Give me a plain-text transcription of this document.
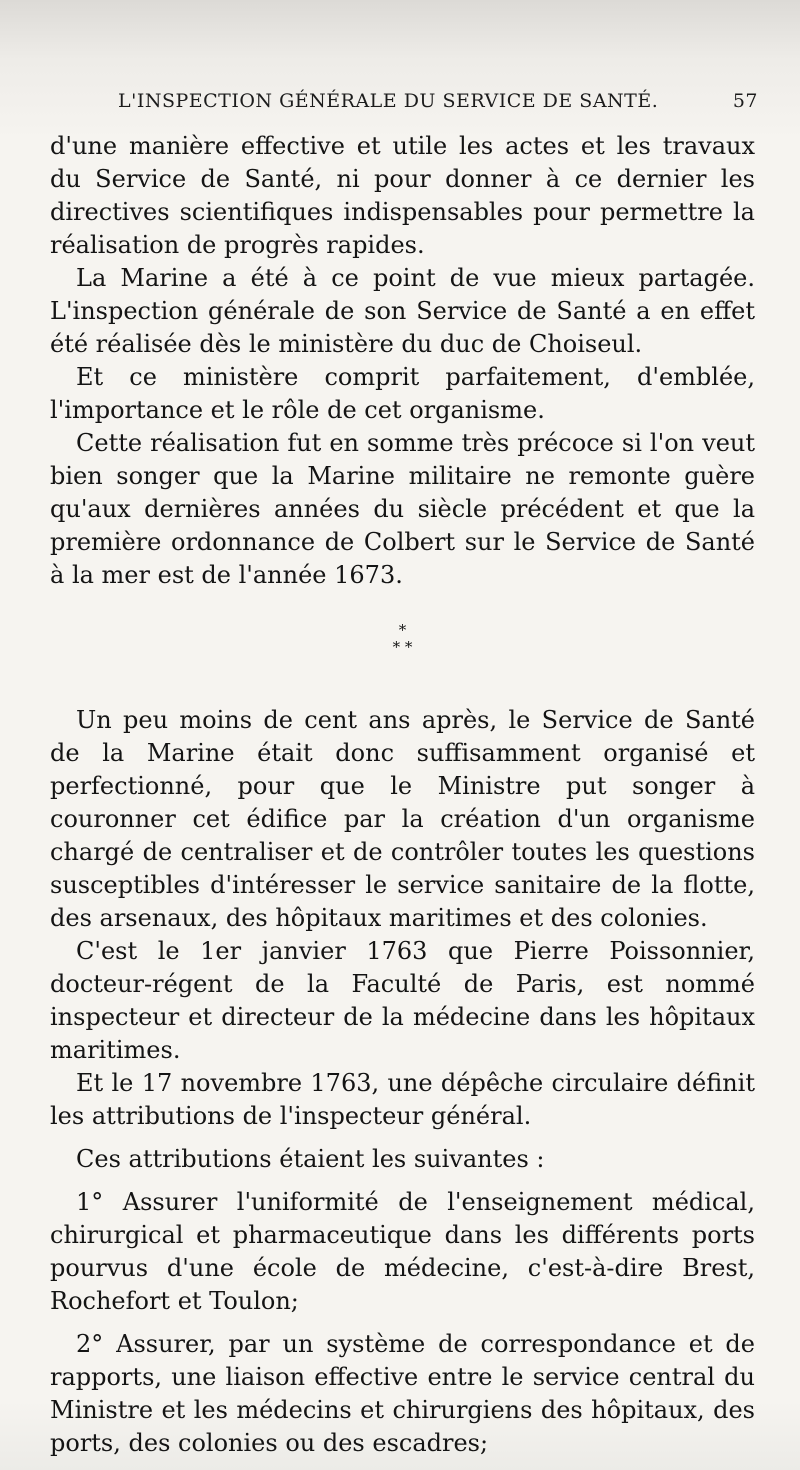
L'INSPECTION GÉNÉRALE DU SERVICE DE SANTÉ.	57

d'une manière effective et utile les actes et les travaux du Service de Santé, ni pour donner à ce dernier les directives scientifiques indispensables pour permettre la réalisation de progrès rapides.

La Marine a été à ce point de vue mieux partagée. L'inspection générale de son Service de Santé a en effet été réalisée dès le ministère du duc de Choiseul.

Et ce ministère comprit parfaitement, d'emblée, l'importance et le rôle de cet organisme.

Cette réalisation fut en somme très précoce si l'on veut bien songer que la Marine militaire ne remonte guère qu'aux dernières années du siècle précédent et que la première ordonnance de Colbert sur le Service de Santé à la mer est de l'année 1673.

*
* *

Un peu moins de cent ans après, le Service de Santé de la Marine était donc suffisamment organisé et perfectionné, pour que le Ministre put songer à couronner cet édifice par la création d'un organisme chargé de centraliser et de contrôler toutes les questions susceptibles d'intéresser le service sanitaire de la flotte, des arsenaux, des hôpitaux maritimes et des colonies.

C'est le 1er janvier 1763 que Pierre Poissonnier, docteur-régent de la Faculté de Paris, est nommé inspecteur et directeur de la médecine dans les hôpitaux maritimes.

Et le 17 novembre 1763, une dépêche circulaire définit les attributions de l'inspecteur général.

Ces attributions étaient les suivantes :

1° Assurer l'uniformité de l'enseignement médical, chirurgical et pharmaceutique dans les différents ports pourvus d'une école de médecine, c'est-à-dire Brest, Rochefort et Toulon;

2° Assurer, par un système de correspondance et de rapports, une liaison effective entre le service central du Ministre et les médecins et chirurgiens des hôpitaux, des ports, des colonies ou des escadres;
